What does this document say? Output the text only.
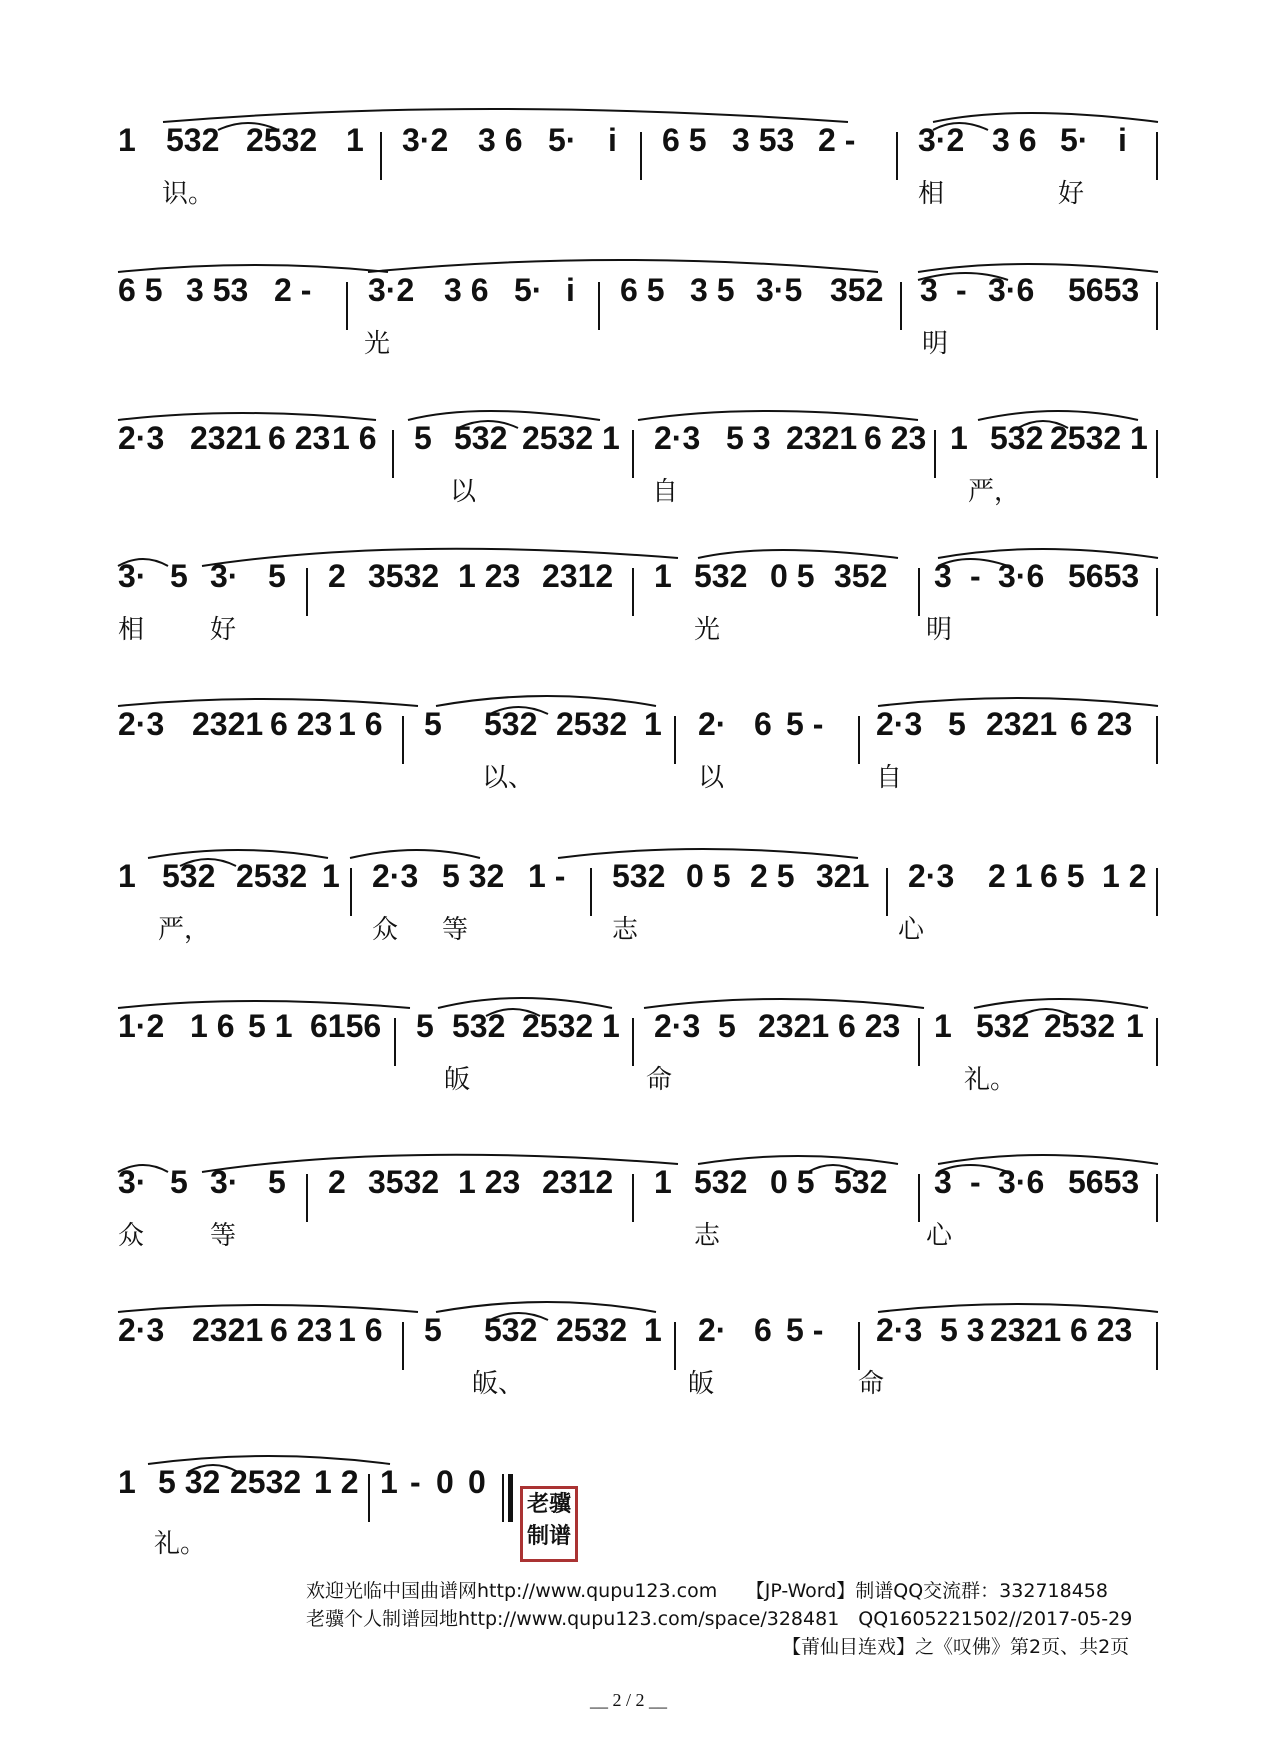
1 532 2532 1 3·2 3 6 5· i 6 5 3 53 2 - 3·2 3 6 5· i
识。	相	好
6 5 3 53 2 - 3·2 3 6 5· i 6 5 3 5 3·5 352 3 - 3·6 5653
光	明
2·3 2321 6 23 1 6 5 532 2532 1 2·3 5 3 2321 6 23 1 532 2532 1
以	自	严，
3· 5 3· 5 2 3532 1 23 2312 1 532 0 5 352 3 - 3·6 5653
相	好	光	明
2·3 2321 6 23 1 6 5 532 2532 1 2· 6 5 - 2·3 5 2321 6 23
以、	以	自
1 532 2532 1 2·3 5 32 1 - 532 0 5 2 5 321 2·3 2 1 6 5 1 2
严，	众 等	志	心
1·2 1 6 5 1 6156 5 532 2532 1 2·3 5 2321 6 23 1 532 2532 1
皈	命	礼。
3· 5 3· 5 2 3532 1 23 2312 1 532 0 5 532 3 - 3·6 5653
众	等	志	心
2·3 2321 6 23 1 6 5 532 2532 1 2· 6 5 - 2·3 5 3 2321 6 23
皈、	皈	命
1 5 32 2532 1 2 1 - 0 0
礼。
老骥
制谱
欢迎光临中国曲谱网http://www.qupu123.com　　【JP-Word】制谱QQ交流群：332718458
老骥个人制谱园地http://www.qupu123.com/space/328481　QQ1605221502//2017-05-29
【莆仙目连戏】之《叹佛》第2页、共2页
__ 2 / 2 __
